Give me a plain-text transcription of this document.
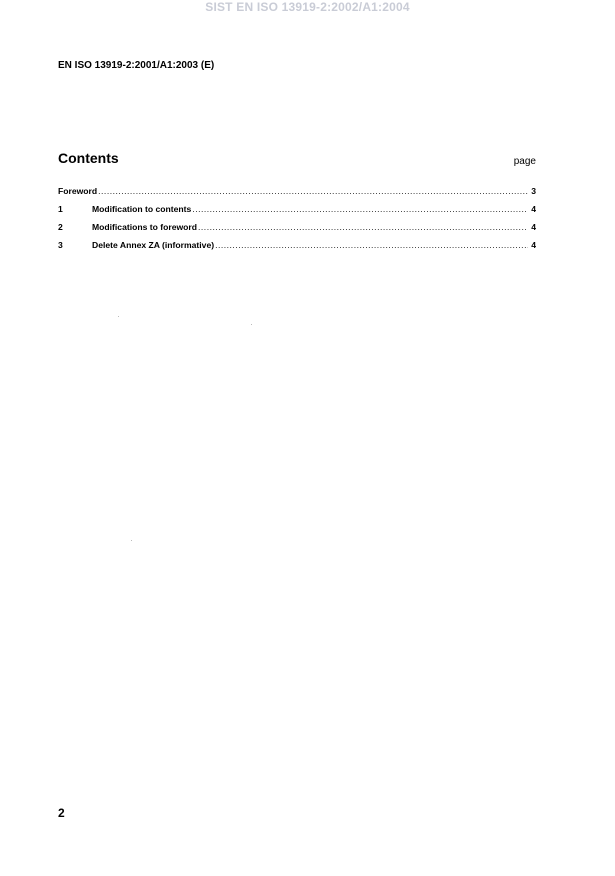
SIST EN ISO 13919-2:2002/A1:2004
EN ISO 13919-2:2001/A1:2003 (E)
Contents	page
Foreword .....	3
1	Modification to contents .....	4
2	Modifications to foreword .....	4
3	Delete Annex ZA (informative) .....	4
2
